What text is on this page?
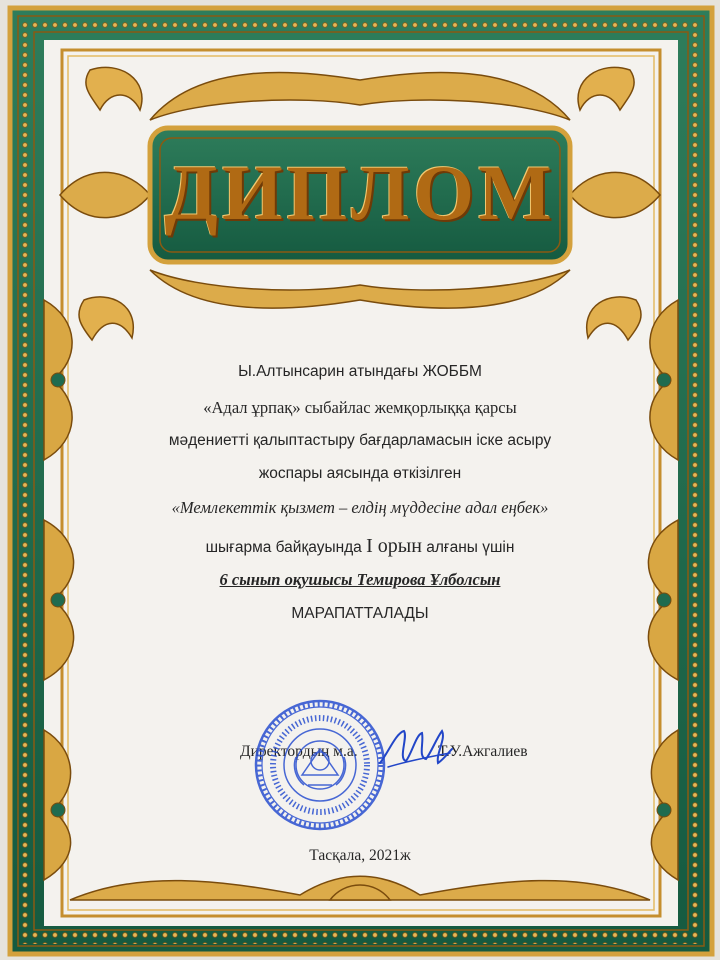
ДИПЛОМ
Ы.Алтынсарин атындағы ЖОББМ
«Адал ұрпақ» сыбайлас жемқорлыққа қарсы
мәдениетті қалыптастыру бағдарламасын іске асыру
жоспары аясында өткізілген
«Мемлекеттік қызмет – елдің мүддесіне адал еңбек»
шығарма байқауында І орын алғаны үшін
6 сынып оқушысы Темирова Ұлболсын
МАРАПАТТАЛАДЫ
Директордың м.а.	Т.У.Ажгалиев
Тасқала, 2021ж
